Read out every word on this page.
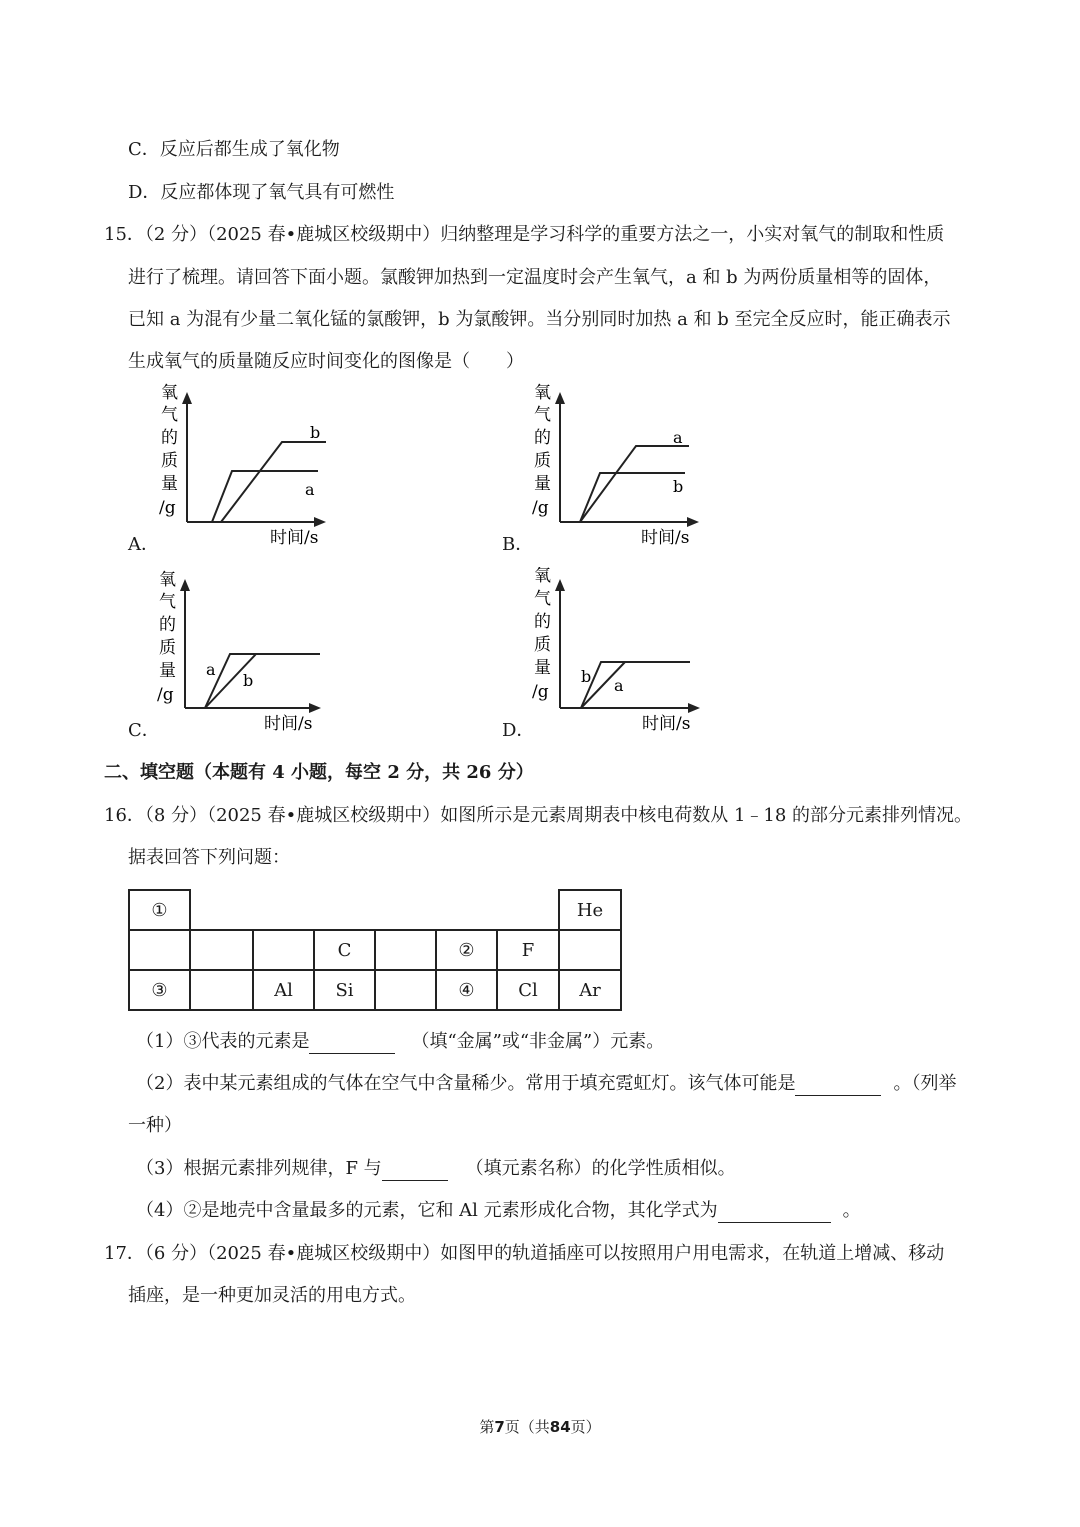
C．反应后都生成了氧化物
D．反应都体现了氧气具有可燃性
15．（2 分）（2025 春•鹿城区校级期中）归纳整理是学习科学的重要方法之一，小实对氧气的制取和性质
进行了梳理。请回答下面小题。氯酸钾加热到一定温度时会产生氧气，a 和 b 为两份质量相等的固体，
已知 a 为混有少量二氧化锰的氯酸钾，b 为氯酸钾。当分别同时加热 a 和 b 至完全反应时，能正确表示
生成氧气的质量随反应时间变化的图像是（　　）
A．
氧
气
的
质
量
/g
b
a
时间/s	B．
氧
气
的
质
量
/g
a
b
时间/s
C．
氧
气
的
质
量
/g
a
b
时间/s	D．
氧
气
的
质
量
/g
b a
时间/s
二、填空题（本题有 4 小题，每空 2 分，共 26 分）
16．（8 分）（2025 春•鹿城区校级期中）如图所示是元素周期表中核电荷数从 1﹣18 的部分元素排列情况。
据表回答下列问题：
①							He
			C		②	F	
③		Al	Si		④	Cl	Ar
（1）③代表的元素是	（填“金属”或“非金属”）元素。
（2）表中某元素组成的气体在空气中含量稀少。常用于填充霓虹灯。该气体可能是	。（列举
一种）
（3）根据元素排列规律，F 与	（填元素名称）的化学性质相似。
（4）②是地壳中含量最多的元素，它和 Al 元素形成化合物，其化学式为	。
17．（6 分）（2025 春•鹿城区校级期中）如图甲的轨道插座可以按照用户用电需求，在轨道上增减、移动
插座，是一种更加灵活的用电方式。
第7页（共84页）
